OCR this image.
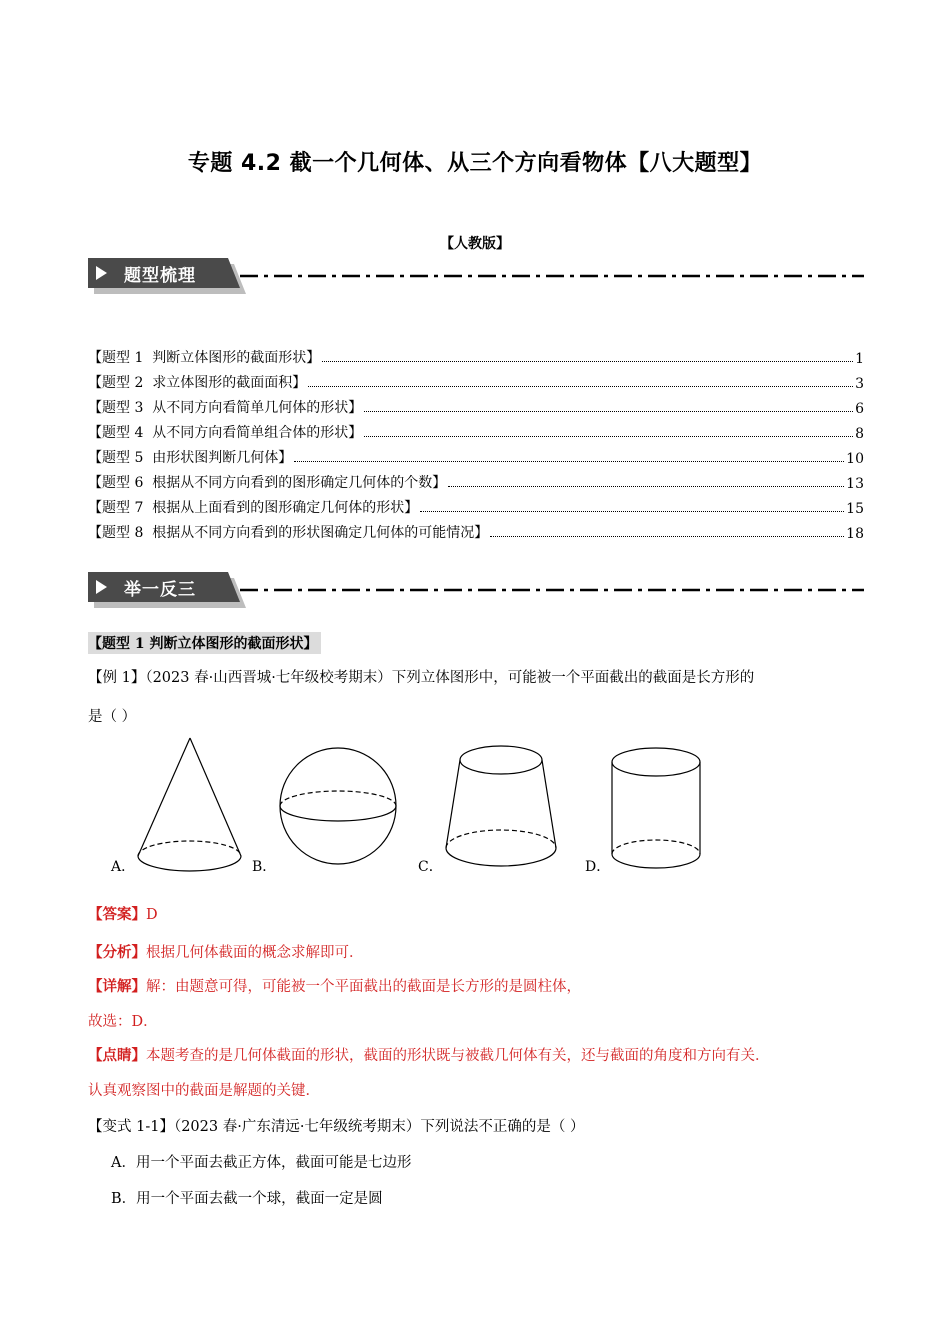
专题 4.2 截一个几何体、从三个方向看物体【八大题型】
【人教版】
题型梳理
【题型 1  判断立体图形的截面形状】	1
【题型 2  求立体图形的截面面积】	3
【题型 3  从不同方向看简单几何体的形状】	6
【题型 4  从不同方向看简单组合体的形状】	8
【题型 5  由形状图判断几何体】	10
【题型 6  根据从不同方向看到的图形确定几何体的个数】	13
【题型 7  根据从上面看到的图形确定几何体的形状】	15
【题型 8  根据从不同方向看到的形状图确定几何体的可能情况】	18
举一反三
【题型 1 判断立体图形的截面形状】
【例 1】（2023 春·山西晋城·七年级校考期末）下列立体图形中，可能被一个平面截出的截面是长方形的
是（ ）
A．	B．	C．	D．
【答案】D
【分析】根据几何体截面的概念求解即可．
【详解】解：由题意可得，可能被一个平面截出的截面是长方形的是圆柱体，
故选：D．
【点睛】本题考查的是几何体截面的形状，截面的形状既与被截几何体有关，还与截面的角度和方向有关．
认真观察图中的截面是解题的关键．
【变式 1-1】（2023 春·广东清远·七年级统考期末）下列说法不正确的是（ ）
A．用一个平面去截正方体，截面可能是七边形
B．用一个平面去截一个球，截面一定是圆
